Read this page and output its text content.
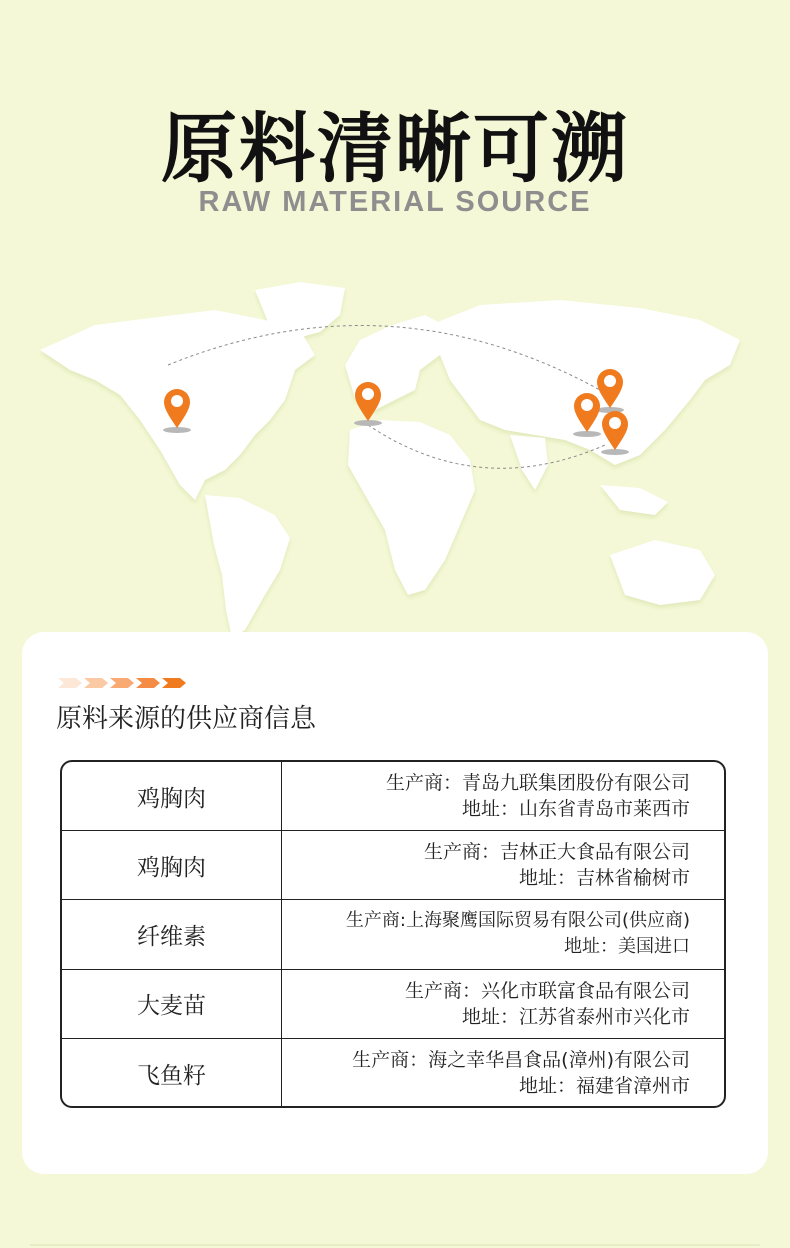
原料清晰可溯
RAW MATERIAL SOURCE
原料来源的供应商信息
鸡胸肉
生产商：青岛九联集团股份有限公司
地址：山东省青岛市莱西市
鸡胸肉
生产商：吉林正大食品有限公司
地址：吉林省榆树市
纤维素
生产商:上海聚鹰国际贸易有限公司(供应商)
地址：美国进口
大麦苗
生产商：兴化市联富食品有限公司
地址：江苏省泰州市兴化市
飞鱼籽
生产商：海之幸华昌食品(漳州)有限公司
地址：福建省漳州市
